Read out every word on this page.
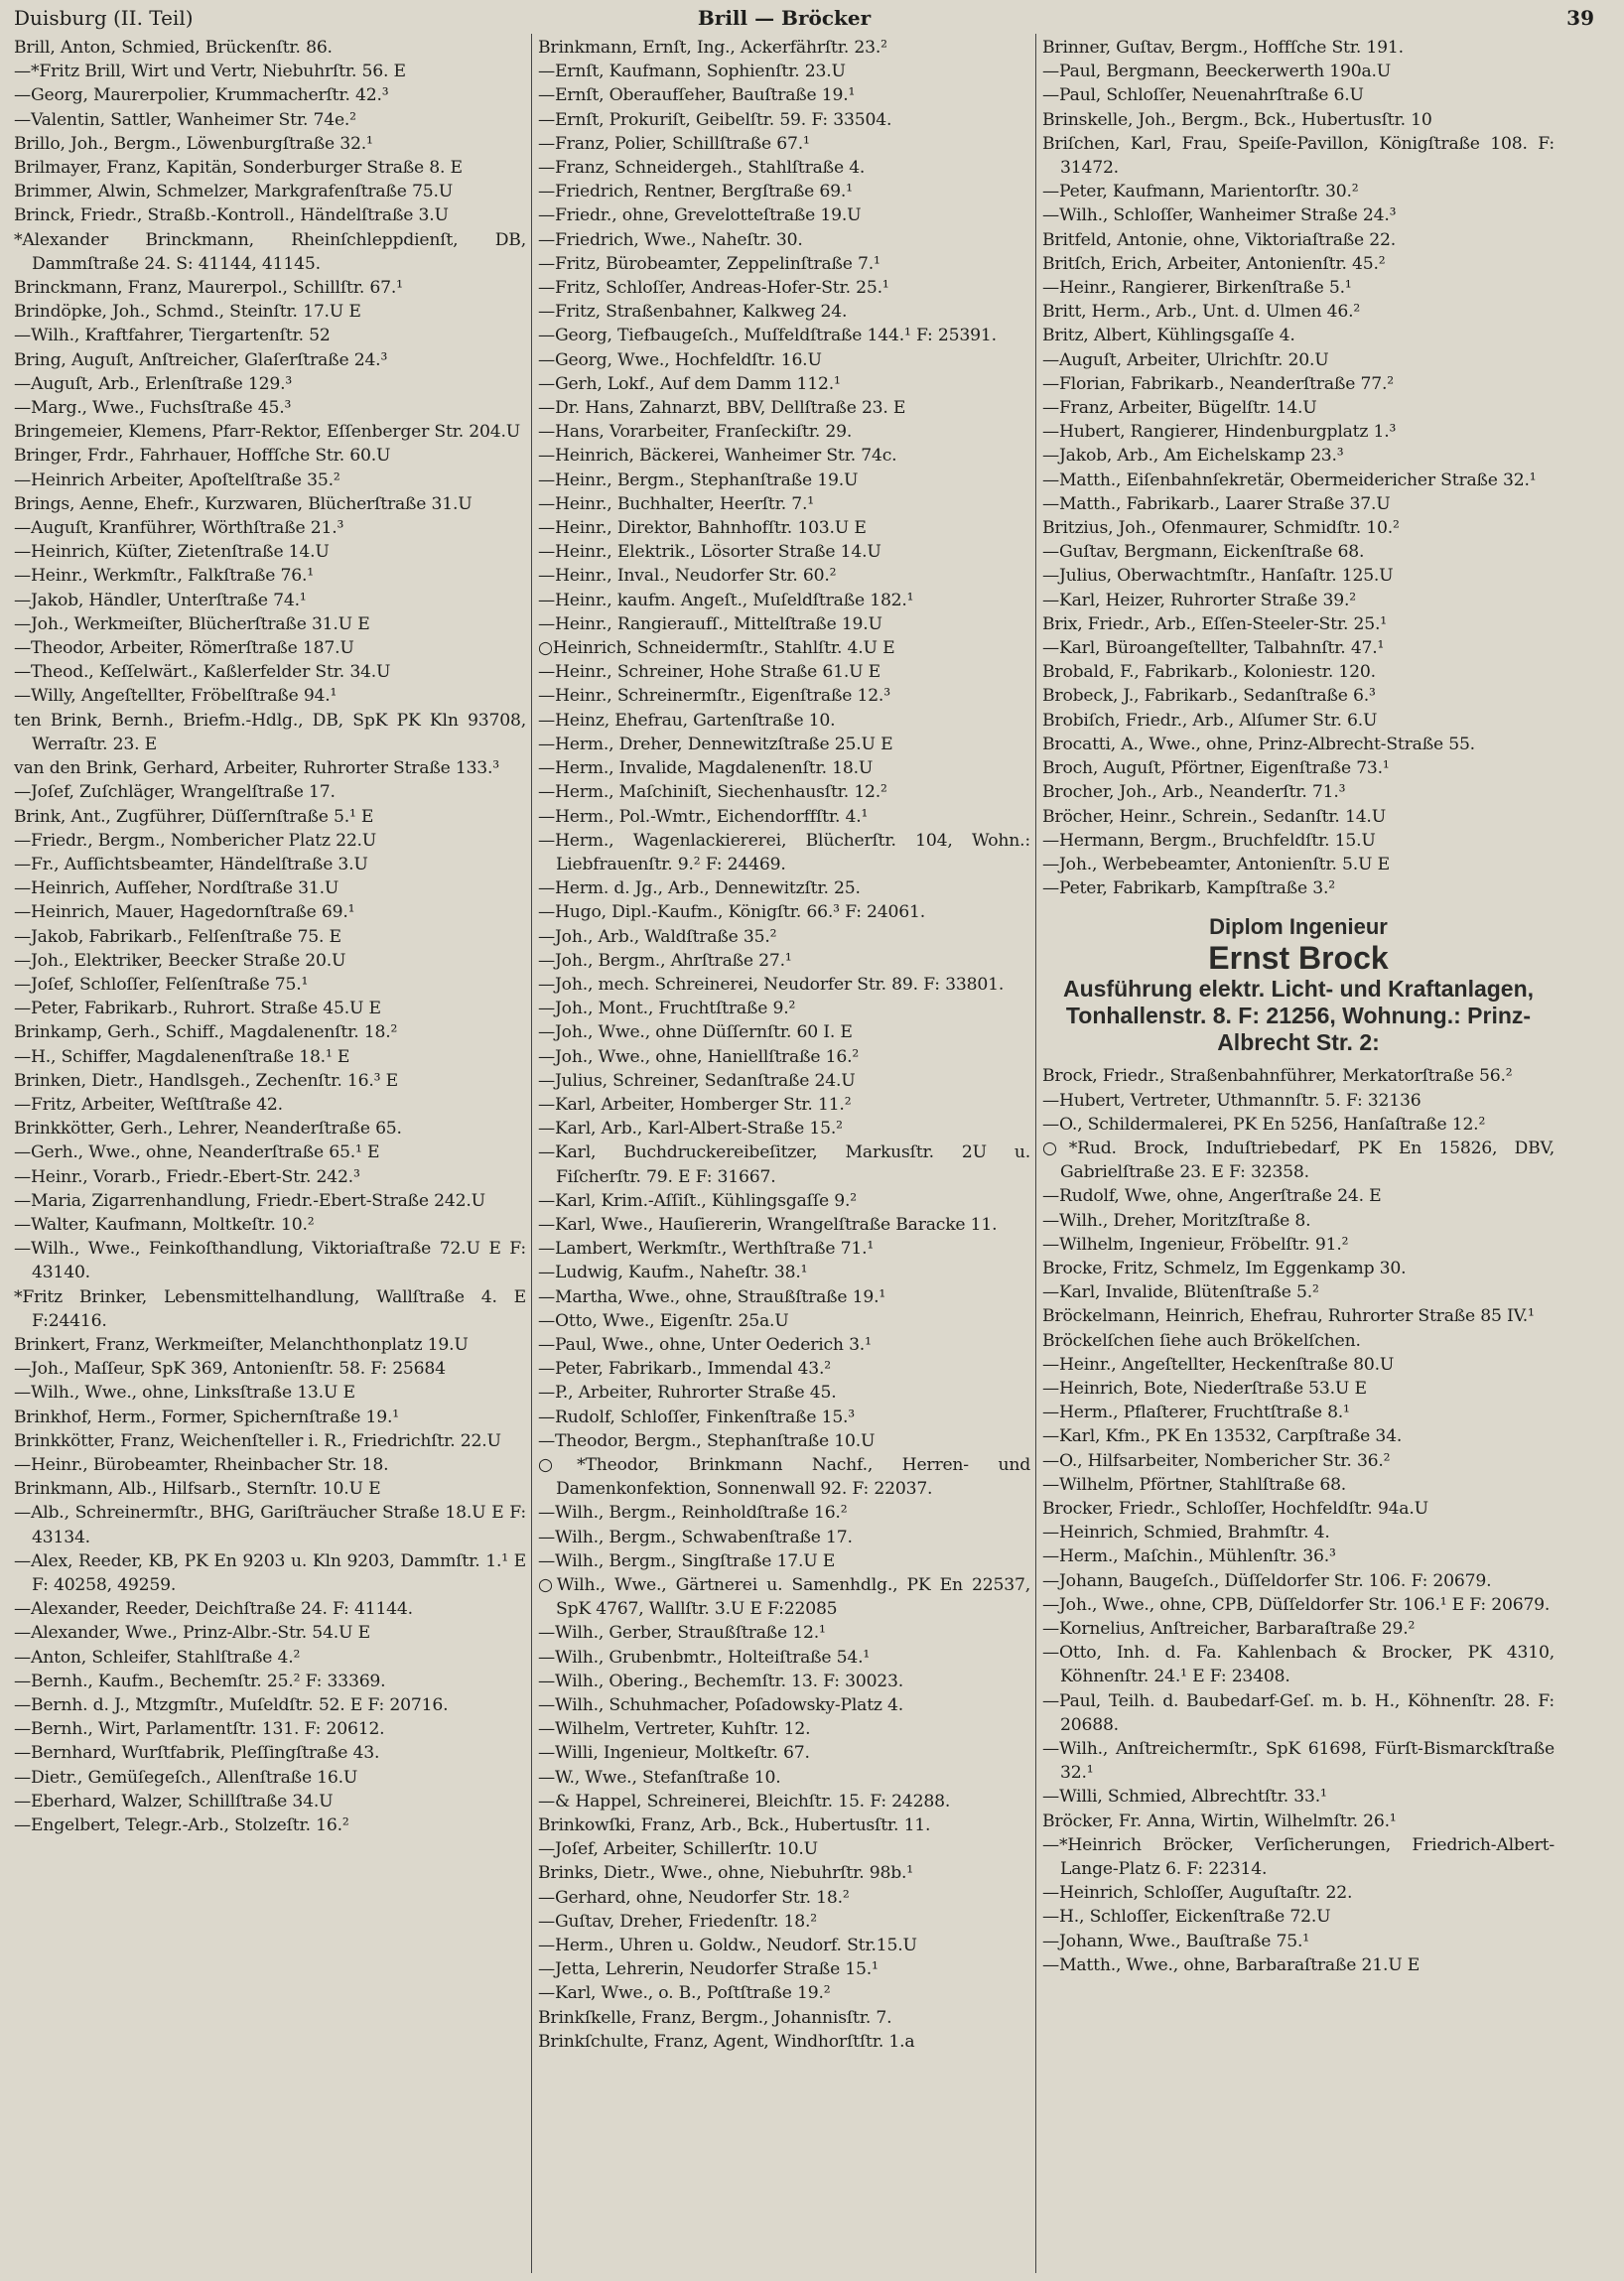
Duisburg (II. Teil)	Brill — Bröcker	39
Brill, Anton, Schmied, Brückenſtr. 86.
—*Fritz Brill, Wirt und Vertr, Niebuhrſtr. 56. E
—Georg, Maurerpolier, Krummacherſtr. 42.³
—Valentin, Sattler, Wanheimer Str. 74e.²
Brillo, Joh., Bergm., Löwenburgſtraße 32.¹
Brilmayer, Franz, Kapitän, Sonderburger Straße 8. E
Brimmer, Alwin, Schmelzer, Markgrafenſtraße 75.U
Brinck, Friedr., Straßb.-Kontroll., Händelſtraße 3.U
*Alexander Brinckmann, Rheinſchleppdienſt, DB, Dammſtraße 24. S: 41144, 41145.
Brinckmann, Franz, Maurerpol., Schillſtr. 67.¹
Brindöpke, Joh., Schmd., Steinſtr. 17.U E
—Wilh., Kraftfahrer, Tiergartenſtr. 52
Bring, Auguſt, Anſtreicher, Glaſerſtraße 24.³
—Auguſt, Arb., Erlenſtraße 129.³
—Marg., Wwe., Fuchsſtraße 45.³
Bringemeier, Klemens, Pfarr-Rektor, Eſſenberger Str. 204.U
Bringer, Frdr., Fahrhauer, Hoffſche Str. 60.U
—Heinrich Arbeiter, Apoſtelſtraße 35.²
Brings, Aenne, Ehefr., Kurzwaren, Blücherſtraße 31.U
—Auguſt, Kranführer, Wörthſtraße 21.³
—Heinrich, Küſter, Zietenſtraße 14.U
—Heinr., Werkmſtr., Falkſtraße 76.¹
—Jakob, Händler, Unterſtraße 74.¹
—Joh., Werkmeiſter, Blücherſtraße 31.U E
—Theodor, Arbeiter, Römerſtraße 187.U
—Theod., Keſſelwärt., Kaßlerfelder Str. 34.U
—Willy, Angeſtellter, Fröbelſtraße 94.¹
ten Brink, Bernh., Briefm.-Hdlg., DB, SpK PK Kln 93708, Werraſtr. 23. E
van den Brink, Gerhard, Arbeiter, Ruhrorter Straße 133.³
—Joſef, Zuſchläger, Wrangelſtraße 17.
Brink, Ant., Zugführer, Düſſernſtraße 5.¹ E
—Friedr., Bergm., Nombericher Platz 22.U
—Fr., Aufſichtsbeamter, Händelſtraße 3.U
—Heinrich, Aufſeher, Nordſtraße 31.U
—Heinrich, Mauer, Hagedornſtraße 69.¹
—Jakob, Fabrikarb., Felſenſtraße 75. E
—Joh., Elektriker, Beecker Straße 20.U
—Joſef, Schloſſer, Felſenſtraße 75.¹
—Peter, Fabrikarb., Ruhrort. Straße 45.U E
Brinkamp, Gerh., Schiff., Magdalenenſtr. 18.²
—H., Schiffer, Magdalenenſtraße 18.¹ E
Brinken, Dietr., Handlsgeh., Zechenſtr. 16.³ E
—Fritz, Arbeiter, Weſtſtraße 42.
Brinkkötter, Gerh., Lehrer, Neanderſtraße 65.
—Gerh., Wwe., ohne, Neanderſtraße 65.¹ E
—Heinr., Vorarb., Friedr.-Ebert-Str. 242.³
—Maria, Zigarrenhandlung, Friedr.-Ebert-Straße 242.U
—Walter, Kaufmann, Moltkeſtr. 10.²
—Wilh., Wwe., Feinkoſthandlung, Viktoriaſtraße 72.U E F: 43140.
*Fritz Brinker, Lebensmittelhandlung, Wallſtraße 4. E F:24416.
Brinkert, Franz, Werkmeiſter, Melanchthonplatz 19.U
—Joh., Maſſeur, SpK 369, Antonienſtr. 58. F: 25684
—Wilh., Wwe., ohne, Linksſtraße 13.U E
Brinkhof, Herm., Former, Spichernſtraße 19.¹
Brinkkötter, Franz, Weichenſteller i. R., Friedrichſtr. 22.U
—Heinr., Bürobeamter, Rheinbacher Str. 18.
Brinkmann, Alb., Hilfsarb., Sternſtr. 10.U E
—Alb., Schreinermſtr., BHG, Gariſträucher Straße 18.U E F: 43134.
—Alex, Reeder, KB, PK En 9203 u. Kln 9203, Dammſtr. 1.¹ E F: 40258, 49259.
—Alexander, Reeder, Deichſtraße 24. F: 41144.
—Alexander, Wwe., Prinz-Albr.-Str. 54.U E
—Anton, Schleifer, Stahlſtraße 4.²
—Bernh., Kaufm., Bechemſtr. 25.² F: 33369.
—Bernh. d. J., Mtzgmſtr., Muſeldſtr. 52. E F: 20716.
—Bernh., Wirt, Parlamentſtr. 131. F: 20612.
—Bernhard, Wurſtfabrik, Pleſſingſtraße 43.
—Dietr., Gemüſegeſch., Allenſtraße 16.U
—Eberhard, Walzer, Schillſtraße 34.U
—Engelbert, Telegr.-Arb., Stolzeſtr. 16.²
Brinkmann, Ernſt, Ing., Ackerfährſtr. 23.²
—Ernſt, Kaufmann, Sophienſtr. 23.U
—Ernſt, Oberaufſeher, Bauſtraße 19.¹
—Ernſt, Prokuriſt, Geibelſtr. 59. F: 33504.
—Franz, Polier, Schillſtraße 67.¹
—Franz, Schneidergeh., Stahlſtraße 4.
—Friedrich, Rentner, Bergſtraße 69.¹
—Friedr., ohne, Grevelotteſtraße 19.U
—Friedrich, Wwe., Naheſtr. 30.
—Fritz, Bürobeamter, Zeppelinſtraße 7.¹
—Fritz, Schloſſer, Andreas-Hofer-Str. 25.¹
—Fritz, Straßenbahner, Kalkweg 24.
—Georg, Tiefbaugeſch., Muſfeldſtraße 144.¹ F: 25391.
—Georg, Wwe., Hochfeldſtr. 16.U
—Gerh, Lokf., Auf dem Damm 112.¹
—Dr. Hans, Zahnarzt, BBV, Dellſtraße 23. E
—Hans, Vorarbeiter, Franſeckiſtr. 29.
—Heinrich, Bäckerei, Wanheimer Str. 74c.
—Heinr., Bergm., Stephanſtraße 19.U
—Heinr., Buchhalter, Heerſtr. 7.¹
—Heinr., Direktor, Bahnhofſtr. 103.U E
—Heinr., Elektrik., Lösorter Straße 14.U
—Heinr., Inval., Neudorfer Str. 60.²
—Heinr., kaufm. Angeſt., Muſeldſtraße 182.¹
—Heinr., Rangieraufſ., Mittelſtraße 19.U
○Heinrich, Schneidermſtr., Stahlſtr. 4.U E
—Heinr., Schreiner, Hohe Straße 61.U E
—Heinr., Schreinermſtr., Eigenſtraße 12.³
—Heinz, Ehefrau, Gartenſtraße 10.
—Herm., Dreher, Dennewitzſtraße 25.U E
—Herm., Invalide, Magdalenenſtr. 18.U
—Herm., Maſchiniſt, Siechenhausſtr. 12.²
—Herm., Pol.-Wmtr., Eichendorffſtr. 4.¹
—Herm., Wagenlackiererei, Blücherſtr. 104, Wohn.: Liebfrauenſtr. 9.² F: 24469.
—Herm. d. Jg., Arb., Dennewitzſtr. 25.
—Hugo, Dipl.-Kaufm., Königſtr. 66.³ F: 24061.
—Joh., Arb., Waldſtraße 35.²
—Joh., Bergm., Ahrſtraße 27.¹
—Joh., mech. Schreinerei, Neudorfer Str. 89. F: 33801.
—Joh., Mont., Fruchtſtraße 9.²
—Joh., Wwe., ohne Düſſernſtr. 60 I. E
—Joh., Wwe., ohne, Haniellſtraße 16.²
—Julius, Schreiner, Sedanſtraße 24.U
—Karl, Arbeiter, Homberger Str. 11.²
—Karl, Arb., Karl-Albert-Straße 15.²
—Karl, Buchdruckereibeſitzer, Markusſtr. 2U u. Fiſcherſtr. 79. E F: 31667.
—Karl, Krim.-Aſſiſt., Kühlingsgaſſe 9.²
—Karl, Wwe., Hauſiererin, Wrangelſtraße Baracke 11.
—Lambert, Werkmſtr., Werthſtraße 71.¹
—Ludwig, Kaufm., Naheſtr. 38.¹
—Martha, Wwe., ohne, Straußſtraße 19.¹
—Otto, Wwe., Eigenſtr. 25a.U
—Paul, Wwe., ohne, Unter Oederich 3.¹
—Peter, Fabrikarb., Immendal 43.²
—P., Arbeiter, Ruhrorter Straße 45.
—Rudolf, Schloſſer, Finkenſtraße 15.³
—Theodor, Bergm., Stephanſtraße 10.U
○*Theodor, Brinkmann Nachf., Herren- und Damenkonfektion, Sonnenwall 92. F: 22037.
—Wilh., Bergm., Reinholdſtraße 16.²
—Wilh., Bergm., Schwabenſtraße 17.
—Wilh., Bergm., Singſtraße 17.U E
○Wilh., Wwe., Gärtnerei u. Samenhdlg., PK En 22537, SpK 4767, Wallſtr. 3.U E F:22085
—Wilh., Gerber, Straußſtraße 12.¹
—Wilh., Grubenbmtr., Holteiſtraße 54.¹
—Wilh., Obering., Bechemſtr. 13. F: 30023.
—Wilh., Schuhmacher, Poſadowsky-Platz 4.
—Wilhelm, Vertreter, Kuhſtr. 12.
—Willi, Ingenieur, Moltkeſtr. 67.
—W., Wwe., Stefanſtraße 10.
—& Happel, Schreinerei, Bleichſtr. 15. F: 24288.
Brinkowſki, Franz, Arb., Bck., Hubertusſtr. 11.
—Joſef, Arbeiter, Schillerſtr. 10.U
Brinks, Dietr., Wwe., ohne, Niebuhrſtr. 98b.¹
—Gerhard, ohne, Neudorfer Str. 18.²
—Guſtav, Dreher, Friedenſtr. 18.²
—Herm., Uhren u. Goldw., Neudorf. Str.15.U
—Jetta, Lehrerin, Neudorfer Straße 15.¹
—Karl, Wwe., o. B., Poſtſtraße 19.²
Brinkſkelle, Franz, Bergm., Johannisſtr. 7.
Brinkſchulte, Franz, Agent, Windhorſtſtr. 1.a
Brinner, Guſtav, Bergm., Hoffſche Str. 191.
—Paul, Bergmann, Beeckerwerth 190a.U
—Paul, Schloſſer, Neuenahrſtraße 6.U
Brinskelle, Joh., Bergm., Bck., Hubertusſtr. 10
Briſchen, Karl, Frau, Speiſe-Pavillon, Königſtraße 108. F: 31472.
—Peter, Kaufmann, Marientorſtr. 30.²
—Wilh., Schloſſer, Wanheimer Straße 24.³
Britfeld, Antonie, ohne, Viktoriaſtraße 22.
Britſch, Erich, Arbeiter, Antonienſtr. 45.²
—Heinr., Rangierer, Birkenſtraße 5.¹
Britt, Herm., Arb., Unt. d. Ulmen 46.²
Britz, Albert, Kühlingsgaſſe 4.
—Auguſt, Arbeiter, Ulrichſtr. 20.U
—Florian, Fabrikarb., Neanderſtraße 77.²
—Franz, Arbeiter, Bügelſtr. 14.U
—Hubert, Rangierer, Hindenburgplatz 1.³
—Jakob, Arb., Am Eichelskamp 23.³
—Matth., Eiſenbahnſekretär, Obermeidericher Straße 32.¹
—Matth., Fabrikarb., Laarer Straße 37.U
Britzius, Joh., Ofenmaurer, Schmidſtr. 10.²
—Guſtav, Bergmann, Eickenſtraße 68.
—Julius, Oberwachtmſtr., Hanſaſtr. 125.U
—Karl, Heizer, Ruhrorter Straße 39.²
Brix, Friedr., Arb., Eſſen-Steeler-Str. 25.¹
—Karl, Büroangeſtellter, Talbahnſtr. 47.¹
Brobald, F., Fabrikarb., Koloniestr. 120.
Brobeck, J., Fabrikarb., Sedanſtraße 6.³
Brobiſch, Friedr., Arb., Alſumer Str. 6.U
Brocatti, A., Wwe., ohne, Prinz-Albrecht-Straße 55.
Broch, Auguſt, Pförtner, Eigenſtraße 73.¹
Brocher, Joh., Arb., Neanderſtr. 71.³
Bröcher, Heinr., Schrein., Sedanſtr. 14.U
—Hermann, Bergm., Bruchfeldſtr. 15.U
—Joh., Werbebeamter, Antonienſtr. 5.U E
—Peter, Fabrikarb, Kampſtraße 3.²
Diplom Ingenieur
Ernst Brock
Ausführung elektr. Licht- und Kraftanlagen, Tonhallenstr. 8. F: 21256, Wohnung.: Prinz-Albrecht Str. 2:
Brock, Friedr., Straßenbahnführer, Merkatorſtraße 56.²
—Hubert, Vertreter, Uthmannſtr. 5. F: 32136
—O., Schildermalerei, PK En 5256, Hanſaſtraße 12.²
○*Rud. Brock, Induſtriebedarf, PK En 15826, DBV, Gabrielſtraße 23. E F: 32358.
—Rudolf, Wwe, ohne, Angerſtraße 24. E
—Wilh., Dreher, Moritzſtraße 8.
—Wilhelm, Ingenieur, Fröbelſtr. 91.²
Brocke, Fritz, Schmelz, Im Eggenkamp 30.
—Karl, Invalide, Blütenſtraße 5.²
Bröckelmann, Heinrich, Ehefrau, Ruhrorter Straße 85 IV.¹
Bröckelſchen ſiehe auch Brökelſchen.
—Heinr., Angeſtellter, Heckenſtraße 80.U
—Heinrich, Bote, Niederſtraße 53.U E
—Herm., Pflaſterer, Fruchtſtraße 8.¹
—Karl, Kfm., PK En 13532, Carpſtraße 34.
—O., Hilfsarbeiter, Nombericher Str. 36.²
—Wilhelm, Pförtner, Stahlſtraße 68.
Brocker, Friedr., Schloſſer, Hochfeldſtr. 94a.U
—Heinrich, Schmied, Brahmſtr. 4.
—Herm., Maſchin., Mühlenſtr. 36.³
—Johann, Baugeſch., Düſſeldorfer Str. 106. F: 20679.
—Joh., Wwe., ohne, CPB, Düſſeldorfer Str. 106.¹ E F: 20679.
—Kornelius, Anſtreicher, Barbaraſtraße 29.²
—Otto, Inh. d. Fa. Kahlenbach & Brocker, PK 4310, Köhnenſtr. 24.¹ E F: 23408.
—Paul, Teilh. d. Baubedarf-Geſ. m. b. H., Köhnenſtr. 28. F: 20688.
—Wilh., Anſtreichermſtr., SpK 61698, Fürſt-Bismarckſtraße 32.¹
—Willi, Schmied, Albrechtſtr. 33.¹
Bröcker, Fr. Anna, Wirtin, Wilhelmſtr. 26.¹
—*Heinrich Bröcker, Verſicherungen, Friedrich-Albert-Lange-Platz 6. F: 22314.
—Heinrich, Schloſſer, Auguſtaſtr. 22.
—H., Schloſſer, Eickenſtraße 72.U
—Johann, Wwe., Bauſtraße 75.¹
—Matth., Wwe., ohne, Barbaraſtraße 21.U E
